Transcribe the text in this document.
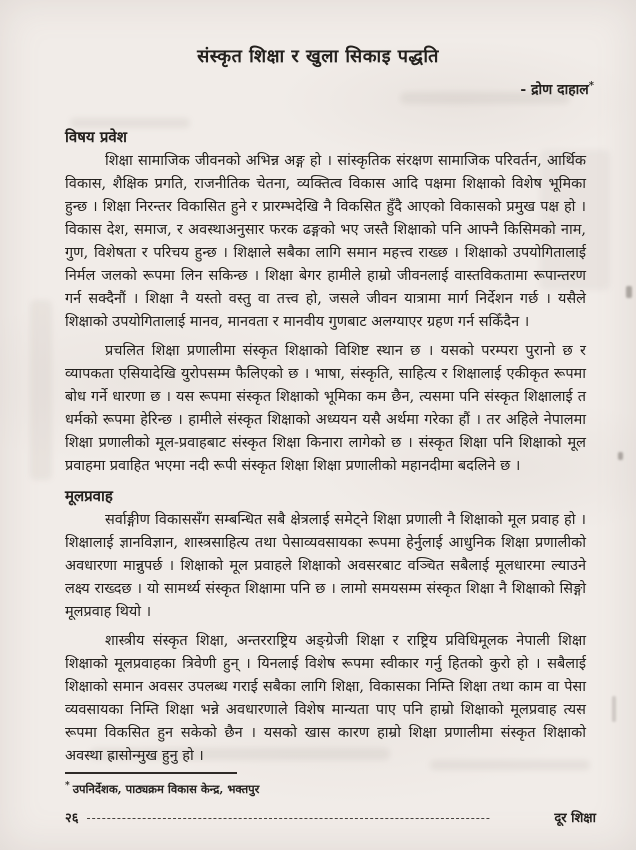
संस्कृत शिक्षा र खुला सिकाइ पद्धति
- द्रोण दाहाल*
विषय प्रवेश

शिक्षा सामाजिक जीवनको अभिन्न अङ्ग हो । सांस्कृतिक संरक्षण सामाजिक परिवर्तन, आर्थिक विकास, शैक्षिक प्रगति, राजनीतिक चेतना, व्यक्तित्व विकास आदि पक्षमा शिक्षाको विशेष भूमिका हुन्छ । शिक्षा निरन्तर विकासित हुने र प्रारम्भदेखि नै विकसित हुँदै आएको विकासको प्रमुख पक्ष हो । विकास देश, समाज, र अवस्थाअनुसार फरक ढङ्गको भए जस्तै शिक्षाको पनि आफ्नै किसिमको नाम, गुण, विशेषता र परिचय हुन्छ । शिक्षाले सबैका लागि समान महत्त्व राख्छ । शिक्षाको उपयोगितालाई निर्मल जलको रूपमा लिन सकिन्छ । शिक्षा बेगर हामीले हाम्रो जीवनलाई वास्तविकतामा रूपान्तरण गर्न सक्दैनौं । शिक्षा नै यस्तो वस्तु वा तत्त्व हो, जसले जीवन यात्रामा मार्ग निर्देशन गर्छ । यसैले शिक्षाको उपयोगितालाई मानव, मानवता र मानवीय गुणबाट अलग्याएर ग्रहण गर्न सकिँदैन ।

प्रचलित शिक्षा प्रणालीमा संस्कृत शिक्षाको विशिष्ट स्थान छ । यसको परम्परा पुरानो छ र व्यापकता एसियादेखि युरोपसम्म फैलिएको छ । भाषा, संस्कृति, साहित्य र शिक्षालाई एकीकृत रूपमा बोध गर्ने धारणा छ । यस रूपमा संस्कृत शिक्षाको भूमिका कम छैन, त्यसमा पनि संस्कृत शिक्षालाई त धर्मको रूपमा हेरिन्छ । हामीले संस्कृत शिक्षाको अध्ययन यसै अर्थमा गरेका हौं । तर अहिले नेपालमा शिक्षा प्रणालीको मूल-प्रवाहबाट संस्कृत शिक्षा किनारा लागेको छ । संस्कृत शिक्षा पनि शिक्षाको मूल प्रवाहमा प्रवाहित भएमा नदी रूपी संस्कृत शिक्षा शिक्षा प्रणालीको महानदीमा बदलिने छ ।

मूलप्रवाह

सर्वाङ्गीण विकाससँग सम्बन्धित सबै क्षेत्रलाई समेट्ने शिक्षा प्रणाली नै शिक्षाको मूल प्रवाह हो । शिक्षालाई ज्ञानविज्ञान, शास्त्रसाहित्य तथा पेसाव्यवसायका रूपमा हेर्नुलाई आधुनिक शिक्षा प्रणालीको अवधारणा मान्नुपर्छ । शिक्षाको मूल प्रवाहले शिक्षाको अवसरबाट वञ्चित सबैलाई मूलधारमा ल्याउने लक्ष्य राख्दछ । यो सामर्थ्य संस्कृत शिक्षामा पनि छ । लामो समयसम्म संस्कृत शिक्षा नै शिक्षाको सिङ्गो मूलप्रवाह थियो ।

शास्त्रीय संस्कृत शिक्षा, अन्तरराष्ट्रिय अङ्ग्रेजी शिक्षा र राष्ट्रिय प्रविधिमूलक नेपाली शिक्षा शिक्षाको मूलप्रवाहका त्रिवेणी हुन् । यिनलाई विशेष रूपमा स्वीकार गर्नु हितको कुरो हो । सबैलाई शिक्षाको समान अवसर उपलब्ध गराई सबैका लागि शिक्षा, विकासका निम्ति शिक्षा तथा काम वा पेसा व्यवसायका निम्ति शिक्षा भन्ने अवधारणाले विशेष मान्यता पाए पनि हाम्रो शिक्षाको मूलप्रवाह त्यस रूपमा विकसित हुन सकेको छैन । यसको खास कारण हाम्रो शिक्षा प्रणालीमा संस्कृत शिक्षाको अवस्था ह्रासोन्मुख हुनु हो ।

* उपनिर्देशक, पाठ्यक्रम विकास केन्द्र, भक्तपुर
२६ --------------------------------------------------------------------------------	दूर शिक्षा
